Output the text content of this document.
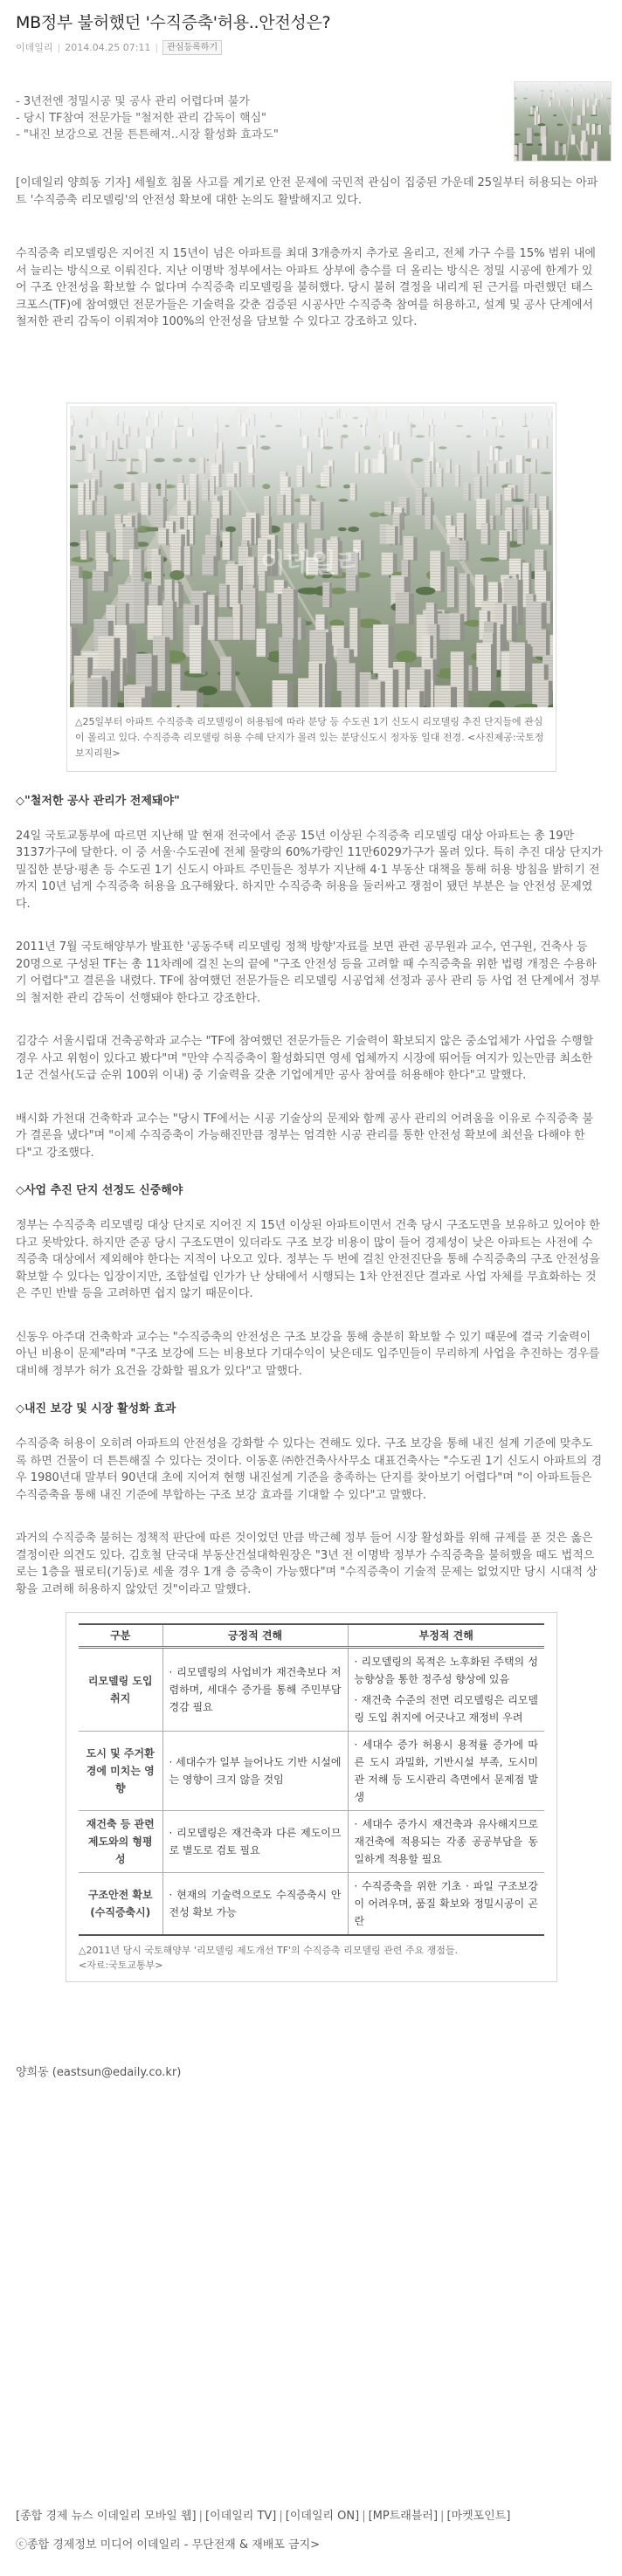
MB정부 불허했던 '수직증축'허용..안전성은?
이데일리 | 2014.04.25 07:11 |	관심등록하기
- 3년전엔 정밀시공 및 공사 관리 어렵다며 불가
- 당시 TF참여 전문가들 "철저한 관리 감독이 핵심"
- "내진 보강으로 건물 튼튼해져..시장 활성화 효과도"

[이데일리 양희동 기자] 세월호 침몰 사고를 계기로 안전 문제에 국민적 관심이 집중된 가운데 25일부터 허용되는 아파트 '수직증축 리모델링'의 안전성 확보에 대한 논의도 활발해지고 있다.

수직증축 리모델링은 지어진 지 15년이 넘은 아파트를 최대 3개층까지 추가로 올리고, 전체 가구 수를 15% 범위 내에서 늘리는 방식으로 이뤄진다. 지난 이명박 정부에서는 아파트 상부에 층수를 더 올리는 방식은 정밀 시공에 한계가 있어 구조 안전성을 확보할 수 없다며 수직증축 리모델링을 불허했다. 당시 불허 결정을 내리게 된 근거를 마련했던 태스크포스(TF)에 참여했던 전문가들은 기술력을 갖춘 검증된 시공사만 수직증축 참여를 허용하고, 설계 및 공사 단계에서 철저한 관리 감독이 이뤄져야 100%의 안전성을 담보할 수 있다고 강조하고 있다.

이데일리
△25일부터 아파트 수직증축 리모델링이 허용됨에 따라 분당 등 수도권 1기 신도시 리모델링 추진 단지들에 관심이 몰리고 있다. 수직증축 리모델링 허용 수혜 단지가 몰려 있는 분당신도시 정자동 일대 전경. <사진제공:국토정보지리원>
◇"철저한 공사 관리가 전제돼야"

24일 국토교통부에 따르면 지난해 말 현재 전국에서 준공 15년 이상된 수직증축 리모델링 대상 아파트는 총 19만3137가구에 달한다. 이 중 서울·수도권에 전체 물량의 60%가량인 11만6029가구가 몰려 있다. 특히 추진 대상 단지가 밀집한 분당·평촌 등 수도권 1기 신도시 아파트 주민들은 정부가 지난해 4·1 부동산 대책을 통해 허용 방침을 밝히기 전까지 10년 넘게 수직증축 허용을 요구해왔다. 하지만 수직증축 허용을 둘러싸고 쟁점이 됐던 부분은 늘 안전성 문제였다.

2011년 7월 국토해양부가 발표한 '공동주택 리모델링 정책 방향'자료를 보면 관련 공무원과 교수, 연구원, 건축사 등 20명으로 구성된 TF는 총 11차례에 걸친 논의 끝에 "구조 안전성 등을 고려할 때 수직증축을 위한 법령 개정은 수용하기 어렵다"고 결론을 내렸다. TF에 참여했던 전문가들은 리모델링 시공업체 선정과 공사 관리 등 사업 전 단계에서 정부의 철저한 관리 감독이 선행돼야 한다고 강조한다.

김강수 서울시립대 건축공학과 교수는 "TF에 참여했던 전문가들은 기술력이 확보되지 않은 중소업체가 사업을 수행할 경우 사고 위험이 있다고 봤다"며 "만약 수직증축이 활성화되면 영세 업체까지 시장에 뛰어들 여지가 있는만큼 최소한 1군 건설사(도급 순위 100위 이내) 중 기술력을 갖춘 기업에게만 공사 참여를 허용해야 한다"고 말했다.

배시화 가천대 건축학과 교수는 "당시 TF에서는 시공 기술상의 문제와 함께 공사 관리의 어려움을 이유로 수직증축 불가 결론을 냈다"며 "이제 수직증축이 가능해진만큼 정부는 엄격한 시공 관리를 통한 안전성 확보에 최선을 다해야 한다"고 강조했다.

◇사업 추진 단지 선정도 신중해야

정부는 수직증축 리모델링 대상 단지로 지어진 지 15년 이상된 아파트이면서 건축 당시 구조도면을 보유하고 있어야 한다고 못박았다. 하지만 준공 당시 구조도면이 있더라도 구조 보강 비용이 많이 들어 경제성이 낮은 아파트는 사전에 수직증축 대상에서 제외해야 한다는 지적이 나오고 있다. 정부는 두 번에 걸친 안전진단을 통해 수직증축의 구조 안전성을 확보할 수 있다는 입장이지만, 조합설립 인가가 난 상태에서 시행되는 1차 안전진단 결과로 사업 자체를 무효화하는 것은 주민 반발 등을 고려하면 쉽지 않기 때문이다.

신동우 아주대 건축학과 교수는 "수직증축의 안전성은 구조 보강을 통해 충분히 확보할 수 있기 때문에 결국 기술력이 아닌 비용이 문제"라며 "구조 보강에 드는 비용보다 기대수익이 낮은데도 입주민들이 무리하게 사업을 추진하는 경우를 대비해 정부가 허가 요건을 강화할 필요가 있다"고 말했다.

◇내진 보강 및 시장 활성화 효과

수직증축 허용이 오히려 아파트의 안전성을 강화할 수 있다는 견해도 있다. 구조 보강을 통해 내진 설계 기준에 맞추도록 하면 건물이 더 튼튼해질 수 있다는 것이다. 이동훈 ㈜한건축사사무소 대표건축사는 "수도권 1기 신도시 아파트의 경우 1980년대 말부터 90년대 초에 지어져 현행 내진설계 기준을 충족하는 단지를 찾아보기 어렵다"며 "이 아파트들은 수직증축을 통해 내진 기준에 부합하는 구조 보강 효과를 기대할 수 있다"고 말했다.

과거의 수직증축 불허는 정책적 판단에 따른 것이었던 만큼 박근혜 정부 들어 시장 활성화를 위해 규제를 푼 것은 옳은 결정이란 의견도 있다. 김호철 단국대 부동산건설대학원장은 "3년 전 이명박 정부가 수직증축을 불허했을 때도 법적으로는 1층을 필로티(기둥)로 세울 경우 1개 층 증축이 가능했다"며 "수직증축이 기술적 문제는 없었지만 당시 시대적 상황을 고려해 허용하지 않았던 것"이라고 말했다.

구분	긍정적 견해	부정적 견해
리모델링 도입 취지	· 리모델링의 사업비가 재건축보다 저렴하며, 세대수 증가를 통해 주민부담 경감 필요	· 리모델링의 목적은 노후화된 주택의 성능향상을 통한 정주성 향상에 있음
· 재건축 수준의 전면 리모델링은 리모델링 도입 취지에 어긋나고 재정비 우려

도시 및 주거환경에 미치는 영향	· 세대수가 일부 늘어나도 기반 시설에는 영향이 크지 않을 것임	· 세대수 증가 허용시 용적률 증가에 따른 도시 과밀화, 기반시설 부족, 도시미관 저해 등 도시관리 측면에서 문제점 발생

재건축 등 관련제도와의 형평성	· 리모델링은 재건축과 다른 제도이므로 별도로 검토 필요	· 세대수 증가시 재건축과 유사해지므로 재건축에 적용되는 각종 공공부담을 동일하게 적용할 필요

구조안전 확보 (수직증축시)	· 현재의 기술력으로도 수직증축시 안전성 확보 가능	· 수직증축을 위한 기초 · 파일 구조보강이 어려우며, 품질 확보와 정밀시공이 곤란
△2011년 당시 국토해양부 '리모델링 제도개선 TF'의 수직증축 리모델링 관련 주요 쟁점들.
<자료:국토교통부>
양희동 (eastsun@edaily.co.kr)
[종합 경제 뉴스 이데일리 모바일 웹] | [이데일리 TV] | [이데일리 ON] | [MP트래블러] | [마켓포인트]
ⓒ종합 경제정보 미디어 이데일리 - 무단전재 & 재배포 금지>
